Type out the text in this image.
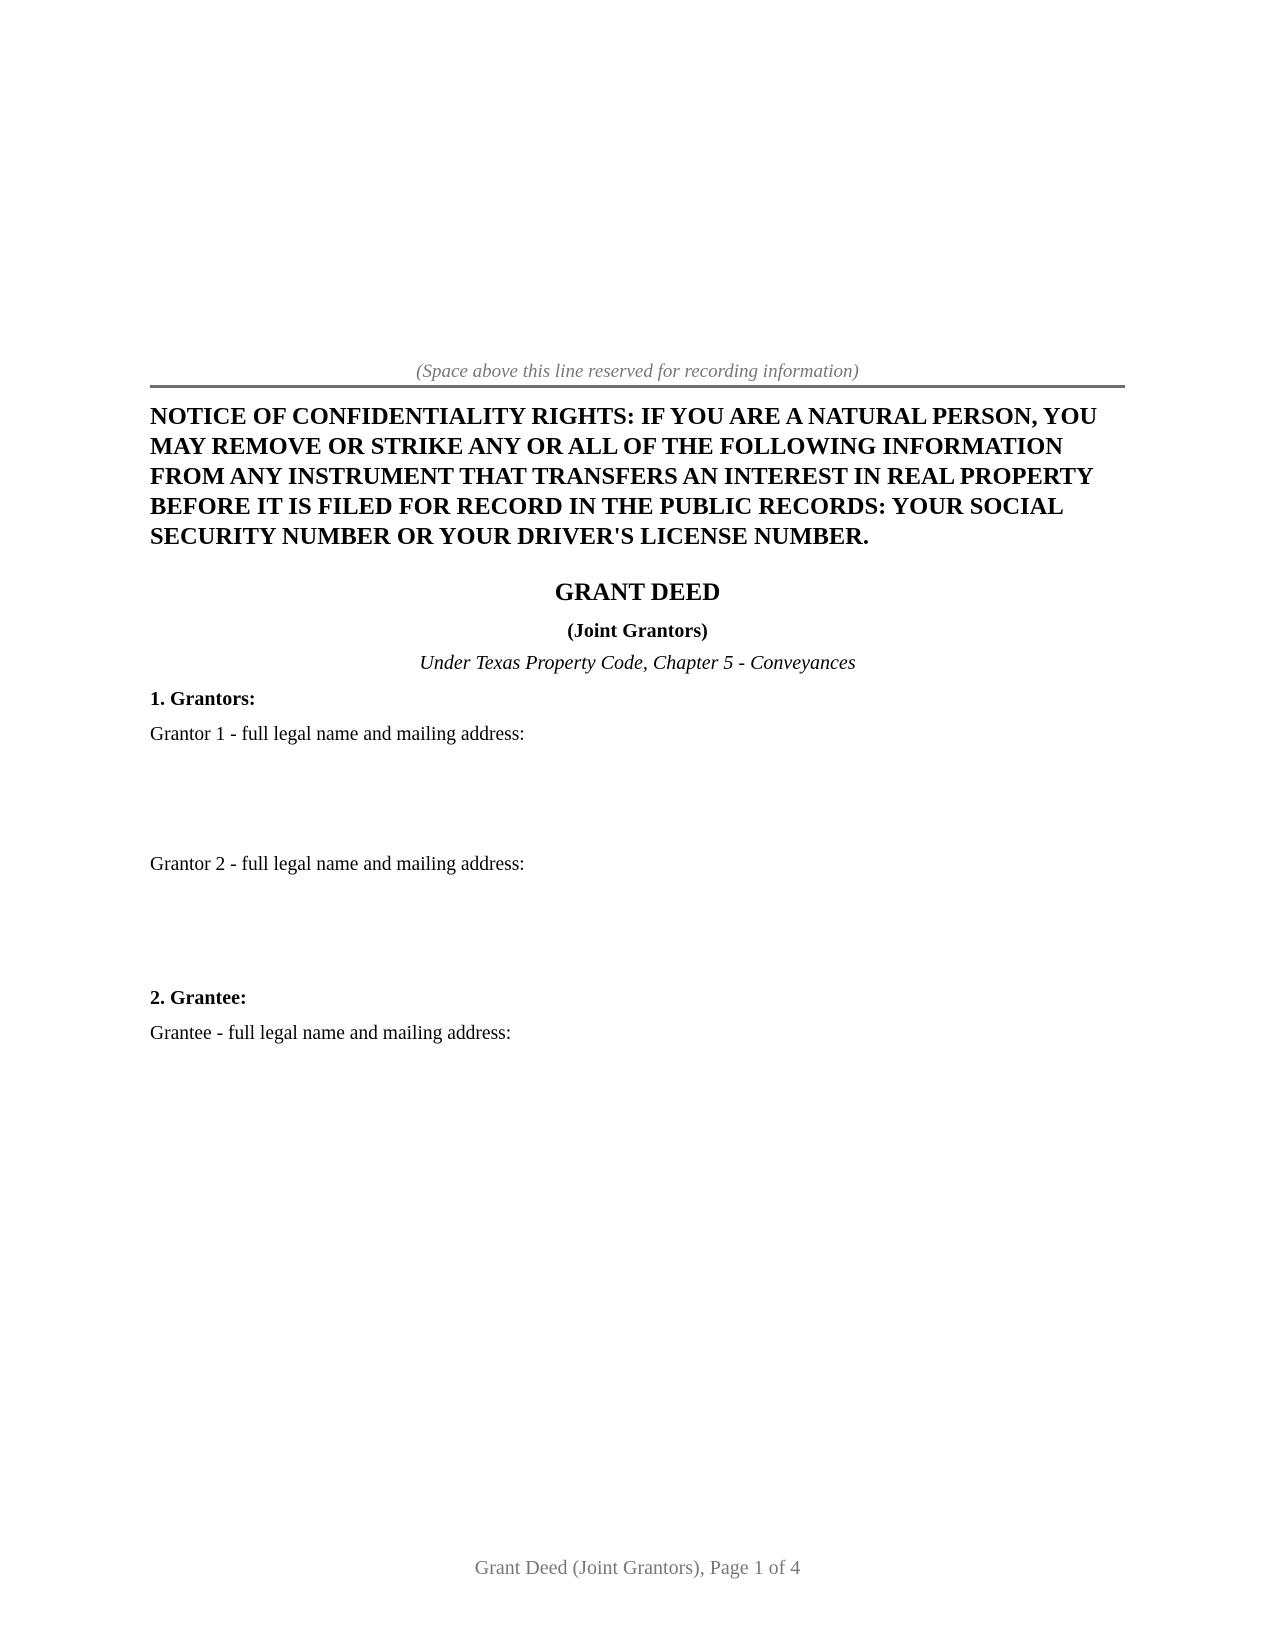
(Space above this line reserved for recording information)

NOTICE OF CONFIDENTIALITY RIGHTS: IF YOU ARE A NATURAL PERSON, YOU MAY REMOVE OR STRIKE ANY OR ALL OF THE FOLLOWING INFORMATION FROM ANY INSTRUMENT THAT TRANSFERS AN INTEREST IN REAL PROPERTY BEFORE IT IS FILED FOR RECORD IN THE PUBLIC RECORDS: YOUR SOCIAL SECURITY NUMBER OR YOUR DRIVER'S LICENSE NUMBER.

GRANT DEED
(Joint Grantors)
Under Texas Property Code, Chapter 5 - Conveyances
1. Grantors:
Grantor 1 - full legal name and mailing address:
Grantor 2 - full legal name and mailing address:
2. Grantee:
Grantee - full legal name and mailing address:
Grant Deed (Joint Grantors), Page 1 of 4
